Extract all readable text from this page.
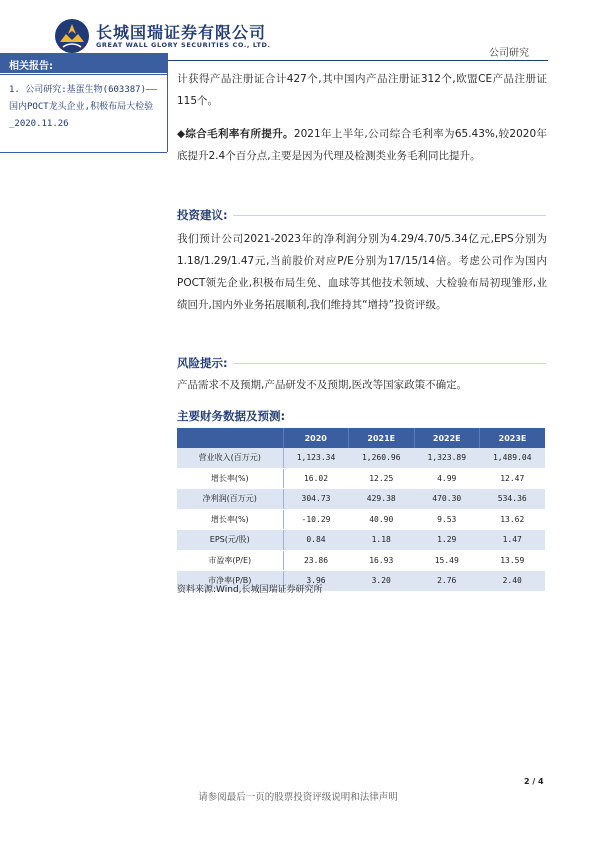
长城国瑞证券有限公司
GREAT WALL GLORY SECURITIES CO., LTD.
公司研究
相关报告:
1. 公司研究:基蛋生物(603387)——国内POCT龙头企业,积极布局大检验_2020.11.26
计获得产品注册证合计427个,其中国内产品注册证312个,欧盟CE产品注册证115个。
◆综合毛利率有所提升。2021年上半年,公司综合毛利率为65.43%,较2020年底提升2.4个百分点,主要是因为代理及检测类业务毛利同比提升。
投资建议:
我们预计公司2021-2023年的净利润分别为4.29/4.70/5.34亿元,EPS分别为1.18/1.29/1.47元,当前股价对应P/E分别为17/15/14倍。考虑公司作为国内POCT领先企业,积极布局生免、血球等其他技术领域、大检验布局初现雏形,业绩回升,国内外业务拓展顺利,我们维持其“增持”投资评级。
风险提示:
产品需求不及预期,产品研发不及预期,医改等国家政策不确定。
主要财务数据及预测:
	2020	2021E	2022E	2023E
营业收入(百万元)	1,123.34	1,260.96	1,323.89	1,489.04
增长率(%)	16.02	12.25	4.99	12.47
净利润(百万元)	304.73	429.38	470.30	534.36
增长率(%)	-10.29	40.90	9.53	13.62
EPS(元/股)	0.84	1.18	1.29	1.47
市盈率(P/E)	23.86	16.93	15.49	13.59
市净率(P/B)	3.96	3.20	2.76	2.40
资料来源:Wind,长城国瑞证券研究所
2 / 4
请参阅最后一页的股票投资评级说明和法律声明
